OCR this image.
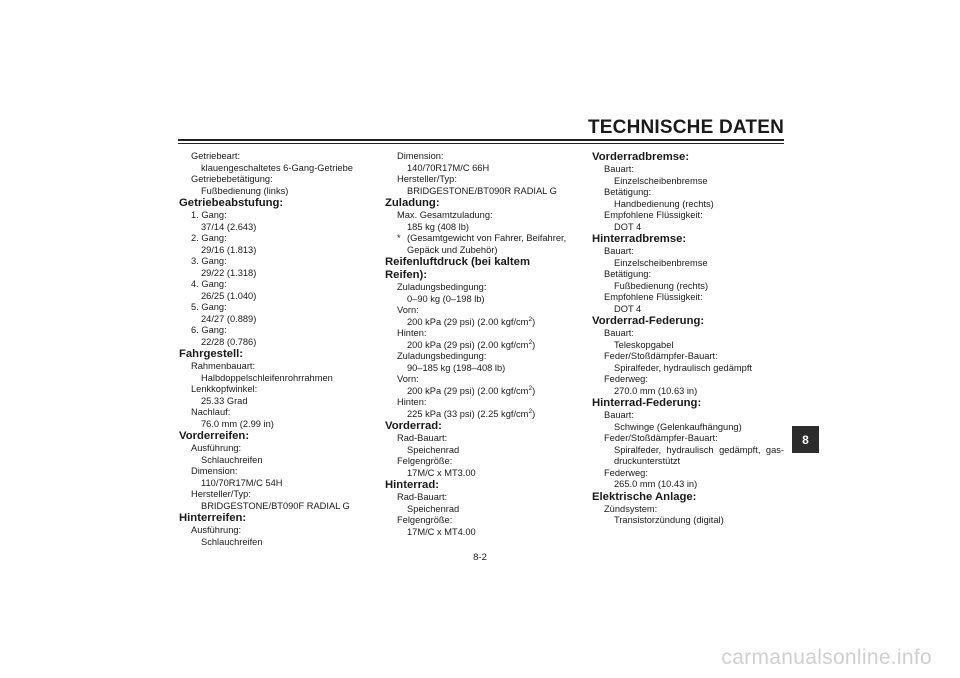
TECHNISCHE DATEN
Getriebeart:
klauengeschaltetes 6-Gang-Getriebe
Getriebebetätigung:
Fußbedienung (links)
Getriebeabstufung:
1. Gang:
37/14 (2.643)
2. Gang:
29/16 (1.813)
3. Gang:
29/22 (1.318)
4. Gang:
26/25 (1.040)
5. Gang:
24/27 (0.889)
6. Gang:
22/28 (0.786)
Fahrgestell:
Rahmenbauart:
Halbdoppelschleifenrohrrahmen
Lenkkopfwinkel:
25.33 Grad
Nachlauf:
76.0 mm (2.99 in)
Vorderreifen:
Ausführung:
Schlauchreifen
Dimension:
110/70R17M/C 54H
Hersteller/Typ:
BRIDGESTONE/BT090F RADIAL G
Hinterreifen:
Ausführung:
Schlauchreifen
Dimension:
140/70R17M/C 66H
Hersteller/Typ:
BRIDGESTONE/BT090R RADIAL G
Zuladung:
Max. Gesamtzuladung:
185 kg (408 lb)
* (Gesamtgewicht von Fahrer, Beifahrer, Gepäck und Zubehör)
Reifenluftdruck (bei kaltem Reifen):
Zuladungsbedingung:
0–90 kg (0–198 lb)
Vorn:
200 kPa (29 psi) (2.00 kgf/$cm^2$)
Hinten:
200 kPa (29 psi) (2.00 kgf/$cm^2$)
Zuladungsbedingung:
90–185 kg (198–408 lb)
Vorn:
200 kPa (29 psi) (2.00 kgf/$cm^2$)
Hinten:
225 kPa (33 psi) (2.25 kgf/$cm^2$)
Vorderrad:
Rad-Bauart:
Speichenrad
Felgengröße:
17M/C x MT3.00
Hinterrad:
Rad-Bauart:
Speichenrad
Felgengröße:
17M/C x MT4.00
Vorderradbremse:
Bauart:
Einzelscheibenbremse
Betätigung:
Handbedienung (rechts)
Empfohlene Flüssigkeit:
DOT 4
Hinterradbremse:
Bauart:
Einzelscheibenbremse
Betätigung:
Fußbedienung (rechts)
Empfohlene Flüssigkeit:
DOT 4
Vorderrad-Federung:
Bauart:
Teleskopgabel
Feder/Stoßdämpfer-Bauart:
Spiralfeder, hydraulisch gedämpft
Federweg:
270.0 mm (10.63 in)
Hinterrad-Federung:
Bauart:
Schwinge (Gelenkaufhängung)
Feder/Stoßdämpfer-Bauart:
Spiralfeder, hydraulisch gedämpft, gas-
druckunterstützt
Federweg:
265.0 mm (10.43 in)
Elektrische Anlage:
Zündsystem:
Transistorzündung (digital)
8
8-2
carmanualsonline.info
